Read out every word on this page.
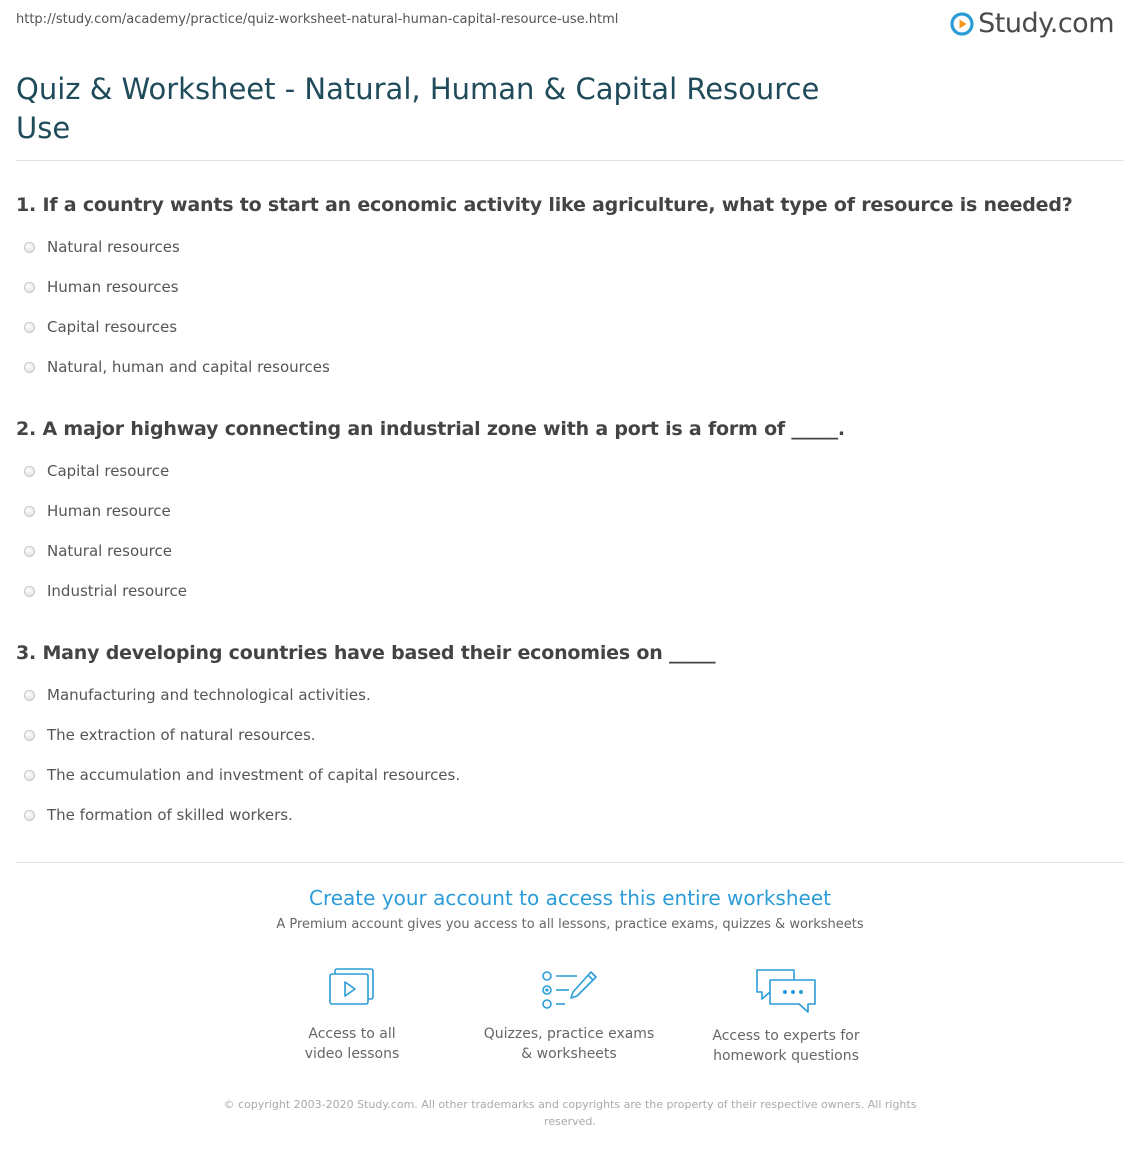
http://study.com/academy/practice/quiz-worksheet-natural-human-capital-resource-use.html	Study.com
Quiz & Worksheet - Natural, Human & Capital Resource Use
1. If a country wants to start an economic activity like agriculture, what type of resource is needed?
Natural resources
Human resources
Capital resources
Natural, human and capital resources
2. A major highway connecting an industrial zone with a port is a form of _____.
Capital resource
Human resource
Natural resource
Industrial resource
3. Many developing countries have based their economies on _____
Manufacturing and technological activities.
The extraction of natural resources.
The accumulation and investment of capital resources.
The formation of skilled workers.
Create your account to access this entire worksheet
A Premium account gives you access to all lessons, practice exams, quizzes & worksheets
Access to all
video lessons
Quizzes, practice exams
& worksheets
Access to experts for
homework questions
© copyright 2003-2020 Study.com. All other trademarks and copyrights are the property of their respective owners. All rights reserved.
